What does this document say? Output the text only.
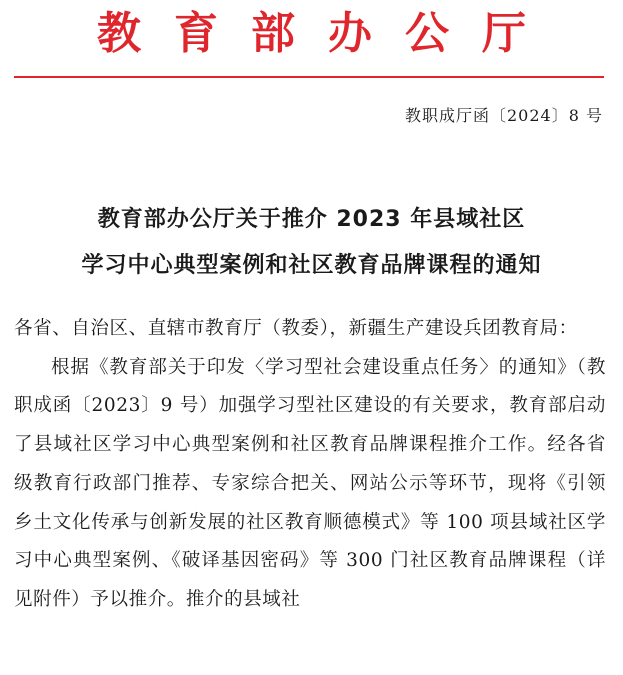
教育部办公厅
教职成厅函〔2024〕8 号
教育部办公厅关于推介 2023 年县域社区
学习中心典型案例和社区教育品牌课程的通知

各省、自治区、直辖市教育厅（教委），新疆生产建设兵团教育局：

根据《教育部关于印发〈学习型社会建设重点任务〉的通知》（教职成函〔2023〕9 号）加强学习型社区建设的有关要求，教育部启动了县域社区学习中心典型案例和社区教育品牌课程推介工作。经各省级教育行政部门推荐、专家综合把关、网站公示等环节，现将《引领乡土文化传承与创新发展的社区教育顺德模式》等 100 项县域社区学习中心典型案例、《破译基因密码》等 300 门社区教育品牌课程（详见附件）予以推介。推介的县域社
